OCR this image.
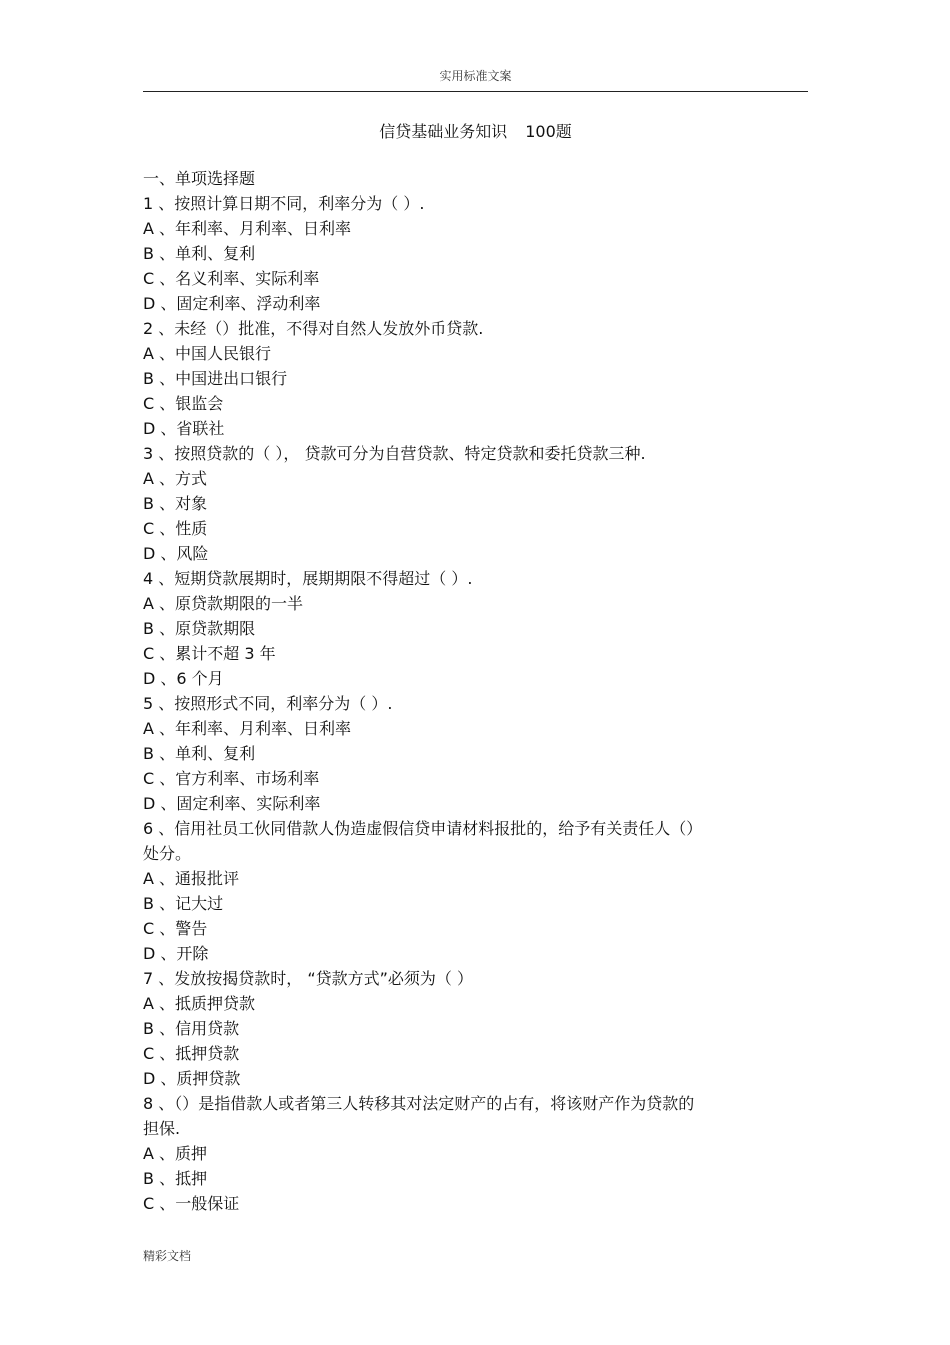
实用标准文案
信贷基础业务知识 100题

一、单项选择题

1 、按照计算日期不同，利率分为（ ）.

A 、年利率、月利率、日利率

B 、单利、复利

C 、名义利率、实际利率

D 、固定利率、浮动利率

2 、未经（）批准，不得对自然人发放外币贷款.

A 、中国人民银行

B 、中国进出口银行

C 、银监会

D 、省联社

3 、按照贷款的（ ）， 贷款可分为自营贷款、特定贷款和委托贷款三种.

A 、方式

B 、对象

C 、性质

D 、风险

4 、短期贷款展期时，展期期限不得超过（ ）.

A 、原贷款期限的一半

B 、原贷款期限

C 、累计不超 3 年

D 、6 个月

5 、按照形式不同，利率分为（ ）.

A 、年利率、月利率、日利率

B 、单利、复利

C 、官方利率、市场利率

D 、固定利率、实际利率

6 、信用社员工伙同借款人伪造虚假信贷申请材料报批的，给予有关责任人（）

处分。

A 、通报批评

B 、记大过

C 、警告

D 、开除

7 、发放按揭贷款时， “贷款方式”必须为（ ）

A 、抵质押贷款

B 、信用贷款

C 、抵押贷款

D 、质押贷款

8 、（）是指借款人或者第三人转移其对法定财产的占有，将该财产作为贷款的

担保.

A 、质押

B 、抵押

C 、一般保证

精彩文档
